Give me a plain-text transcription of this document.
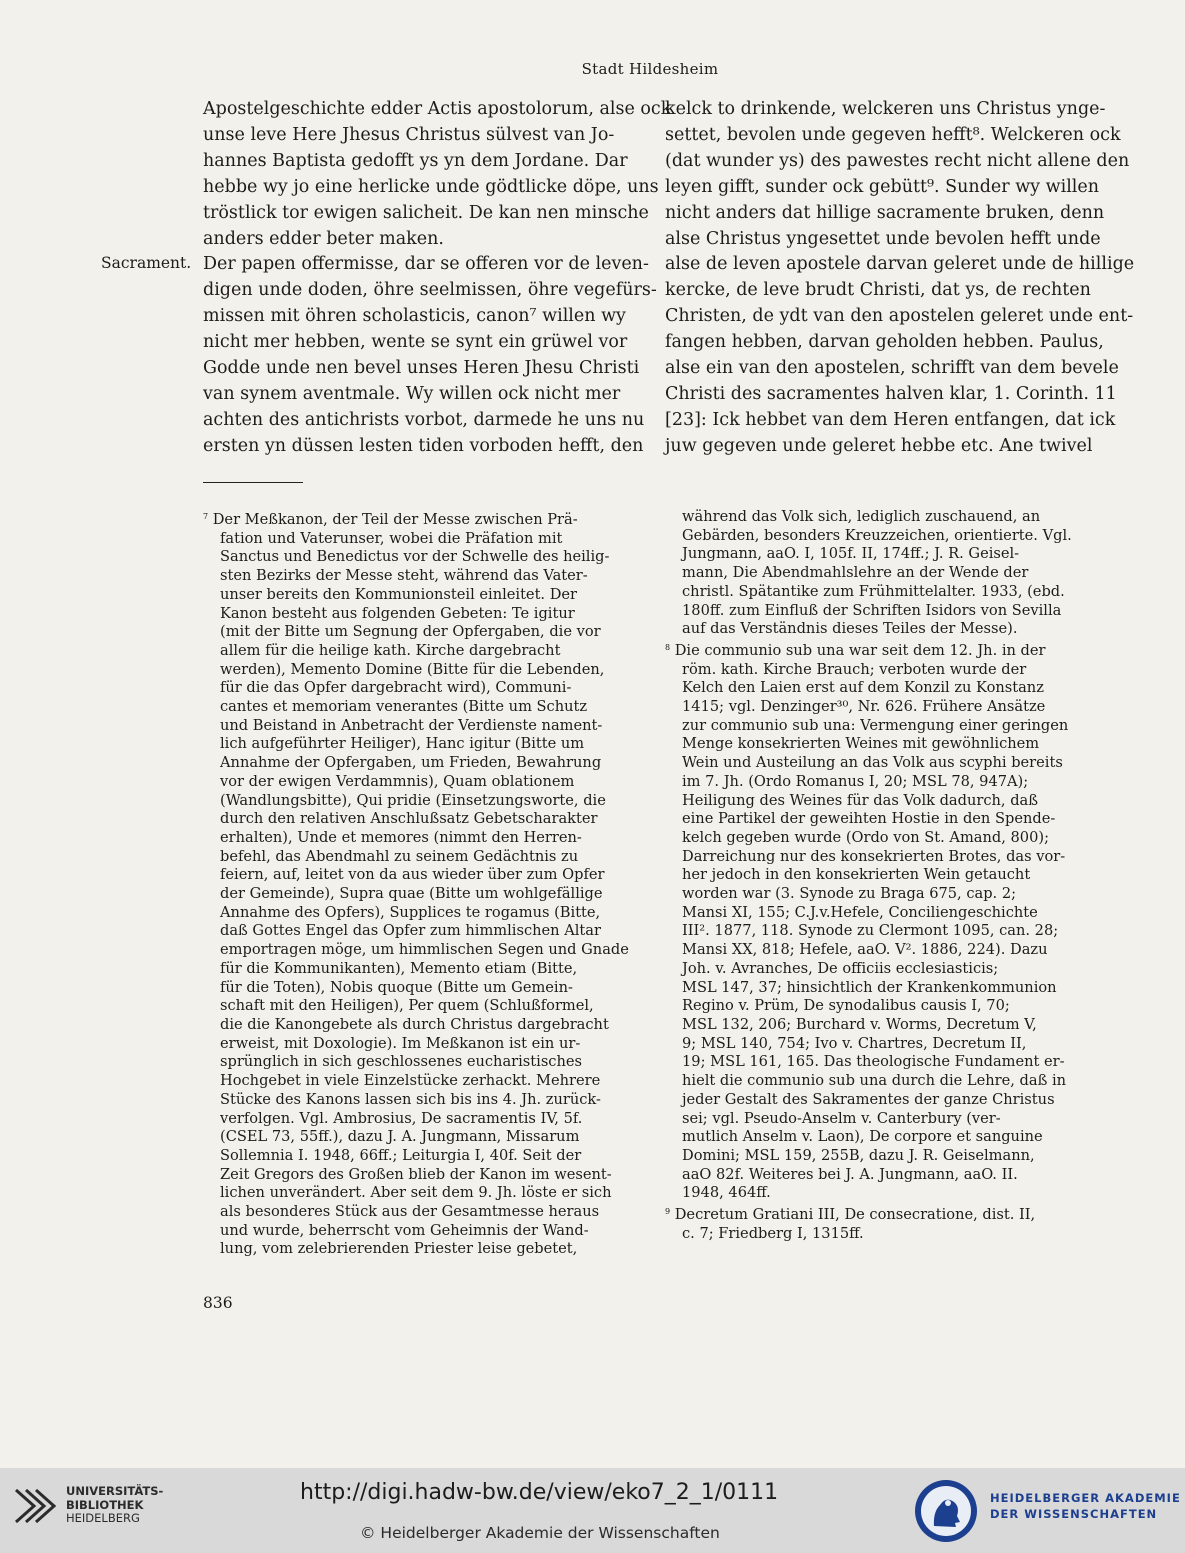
Stadt Hildesheim
Sacrament.

Apostelgeschichte edder Actis apostolorum, alse ock

unse leve Here Jhesus Christus sülvest van Jo-

hannes Baptista gedofft ys yn dem Jordane. Dar

hebbe wy jo eine herlicke unde gödtlicke döpe, uns

tröstlick tor ewigen salicheit. De kan nen minsche

anders edder beter maken.

Der papen offermisse, dar se offeren vor de leven-

digen unde doden, öhre seelmissen, öhre vegefürs-

missen mit öhren scholasticis, canon⁷ willen wy

nicht mer hebben, wente se synt ein grüwel vor

Godde unde nen bevel unses Heren Jhesu Christi

van synem aventmale. Wy willen ock nicht mer

achten des antichrists vorbot, darmede he uns nu

ersten yn düssen lesten tiden vorboden hefft, den

kelck to drinkende, welckeren uns Christus ynge-

settet, bevolen unde gegeven hefft⁸. Welckeren ock

(dat wunder ys) des pawestes recht nicht allene den

leyen gifft, sunder ock gebütt⁹. Sunder wy willen

nicht anders dat hillige sacramente bruken, denn

alse Christus yngesettet unde bevolen hefft unde

alse de leven apostele darvan geleret unde de hillige

kercke, de leve brudt Christi, dat ys, de rechten

Christen, de ydt van den apostelen geleret unde ent-

fangen hebben, darvan geholden hebben. Paulus,

alse ein van den apostelen, schrifft van dem bevele

Christi des sacramentes halven klar, 1. Corinth. 11

[23]: Ick hebbet van dem Heren entfangen, dat ick

juw gegeven unde geleret hebbe etc. Ane twivel

$^7$ Der Meßkanon, der Teil der Messe zwischen Prä-

fation und Vaterunser, wobei die Präfation mit

Sanctus und Benedictus vor der Schwelle des heilig-

sten Bezirks der Messe steht, während das Vater-

unser bereits den Kommunionsteil einleitet. Der

Kanon besteht aus folgenden Gebeten: Te igitur

(mit der Bitte um Segnung der Opfergaben, die vor

allem für die heilige kath. Kirche dargebracht

werden), Memento Domine (Bitte für die Lebenden,

für die das Opfer dargebracht wird), Communi-

cantes et memoriam venerantes (Bitte um Schutz

und Beistand in Anbetracht der Verdienste nament-

lich aufgeführter Heiliger), Hanc igitur (Bitte um

Annahme der Opfergaben, um Frieden, Bewahrung

vor der ewigen Verdammnis), Quam oblationem

(Wandlungsbitte), Qui pridie (Einsetzungsworte, die

durch den relativen Anschlußsatz Gebetscharakter

erhalten), Unde et memores (nimmt den Herren-

befehl, das Abendmahl zu seinem Gedächtnis zu

feiern, auf, leitet von da aus wieder über zum Opfer

der Gemeinde), Supra quae (Bitte um wohlgefällige

Annahme des Opfers), Supplices te rogamus (Bitte,

daß Gottes Engel das Opfer zum himmlischen Altar

emportragen möge, um himmlischen Segen und Gnade

für die Kommunikanten), Memento etiam (Bitte,

für die Toten), Nobis quoque (Bitte um Gemein-

schaft mit den Heiligen), Per quem (Schlußformel,

die die Kanongebete als durch Christus dargebracht

erweist, mit Doxologie). Im Meßkanon ist ein ur-

sprünglich in sich geschlossenes eucharistisches

Hochgebet in viele Einzelstücke zerhackt. Mehrere

Stücke des Kanons lassen sich bis ins 4. Jh. zurück-

verfolgen. Vgl. Ambrosius, De sacramentis IV, 5f.

(CSEL 73, 55ff.), dazu J. A. Jungmann, Missarum

Sollemnia I. 1948, 66ff.; Leiturgia I, 40f. Seit der

Zeit Gregors des Großen blieb der Kanon im wesent-

lichen unverändert. Aber seit dem 9. Jh. löste er sich

als besonderes Stück aus der Gesamtmesse heraus

und wurde, beherrscht vom Geheimnis der Wand-

lung, vom zelebrierenden Priester leise gebetet,

während das Volk sich, lediglich zuschauend, an

Gebärden, besonders Kreuzzeichen, orientierte. Vgl.

Jungmann, aaO. I, 105f. II, 174ff.; J. R. Geisel-

mann, Die Abendmahlslehre an der Wende der

christl. Spätantike zum Frühmittelalter. 1933, (ebd.

180ff. zum Einfluß der Schriften Isidors von Sevilla

auf das Verständnis dieses Teiles der Messe).

$^8$ Die communio sub una war seit dem 12. Jh. in der

röm. kath. Kirche Brauch; verboten wurde der

Kelch den Laien erst auf dem Konzil zu Konstanz

1415; vgl. Denzinger³⁰, Nr. 626. Frühere Ansätze

zur communio sub una: Vermengung einer geringen

Menge konsekrierten Weines mit gewöhnlichem

Wein und Austeilung an das Volk aus scyphi bereits

im 7. Jh. (Ordo Romanus I, 20; MSL 78, 947A);

Heiligung des Weines für das Volk dadurch, daß

eine Partikel der geweihten Hostie in den Spende-

kelch gegeben wurde (Ordo von St. Amand, 800);

Darreichung nur des konsekrierten Brotes, das vor-

her jedoch in den konsekrierten Wein getaucht

worden war (3. Synode zu Braga 675, cap. 2;

Mansi XI, 155; C.J.v.Hefele, Conciliengeschichte

III². 1877, 118. Synode zu Clermont 1095, can. 28;

Mansi XX, 818; Hefele, aaO. V². 1886, 224). Dazu

Joh. v. Avranches, De officiis ecclesiasticis;

MSL 147, 37; hinsichtlich der Krankenkommunion

Regino v. Prüm, De synodalibus causis I, 70;

MSL 132, 206; Burchard v. Worms, Decretum V,

9; MSL 140, 754; Ivo v. Chartres, Decretum II,

19; MSL 161, 165. Das theologische Fundament er-

hielt die communio sub una durch die Lehre, daß in

jeder Gestalt des Sakramentes der ganze Christus

sei; vgl. Pseudo-Anselm v. Canterbury (ver-

mutlich Anselm v. Laon), De corpore et sanguine

Domini; MSL 159, 255B, dazu J. R. Geiselmann,

aaO 82f. Weiteres bei J. A. Jungmann, aaO. II.

1948, 464ff.

$^9$ Decretum Gratiani III, De consecratione, dist. II,

c. 7; Friedberg I, 1315ff.

836
UNIVERSITÄTS-
BIBLIOTHEK
HEIDELBERG
http://digi.hadw-bw.de/view/eko7_2_1/0111
© Heidelberger Akademie der Wissenschaften
HEIDELBERGER AKADEMIE
DER WISSENSCHAFTEN
